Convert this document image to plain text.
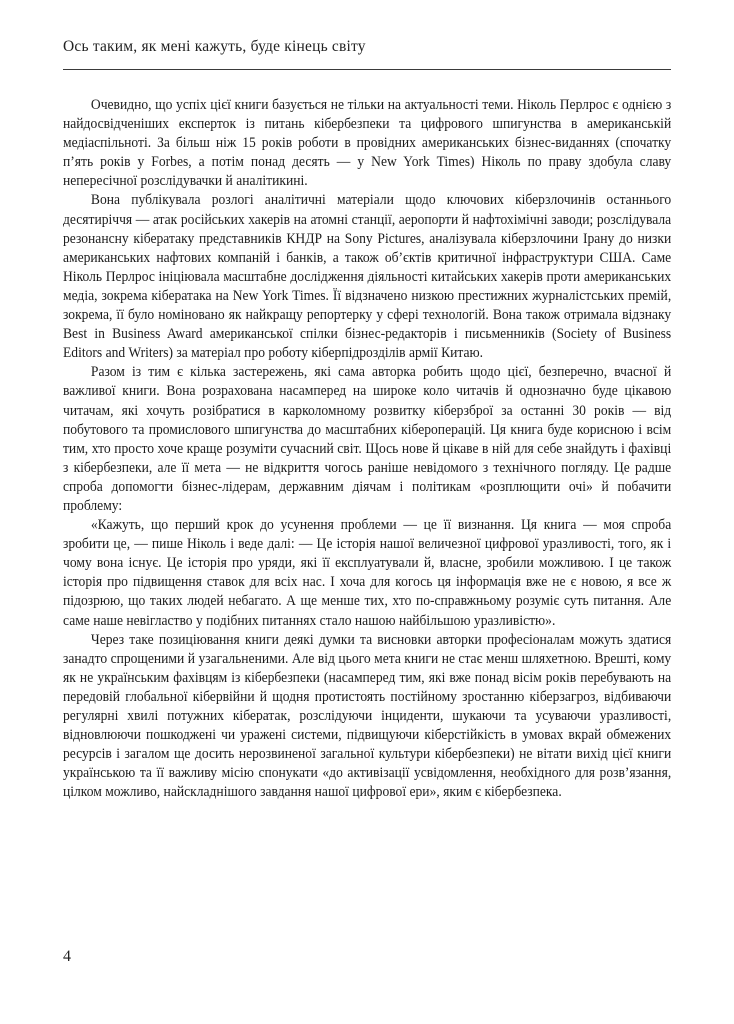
Ось таким, як мені кажуть, буде кінець світу

Очевидно, що успіх цієї книги базується не тільки на актуальності теми. Ніколь Перлрос є однією з найдосвідченіших експерток із питань кібербезпеки та цифрового шпигунства в американській медіаспільноті. За більш ніж 15 років роботи в провідних американських бізнес-виданнях (спочатку п’ять років у Forbes, а потім понад десять — у New York Times) Ніколь по праву здобула славу непересічної розслідувачки й аналітикині.

Вона публікувала розлогі аналітичні матеріали щодо ключових кіберзлочинів останнього десятиріччя — атак російських хакерів на атомні станції, аеропорти й нафтохімічні заводи; розслідувала резонансну кібератаку представників КНДР на Sony Pictures, аналізувала кіберзлочини Ірану до низки американських нафтових компаній і банків, а також об’єктів критичної інфраструктури США. Саме Ніколь Перлрос ініціювала масштабне дослідження діяльності китайських хакерів проти американських медіа, зокрема кібератака на New York Times. Її відзначено низкою престижних журналістських премій, зокрема, її було номіновано як найкращу репортерку у сфері технологій. Вона також отримала відзнаку Best in Business Award американської спілки бізнес-редакторів і письменників (Society of Business Editors and Writers) за матеріал про роботу кіберпідрозділів армії Китаю.

Разом із тим є кілька застережень, які сама авторка робить щодо цієї, безперечно, вчасної й важливої книги. Вона розрахована насамперед на широке коло читачів й однозначно буде цікавою читачам, які хочуть розібратися в карколомному розвитку кіберзброї за останні 30 років — від побутового та промислового шпигунства до масштабних кібероперацій. Ця книга буде корисною і всім тим, хто просто хоче краще розуміти сучасний світ. Щось нове й цікаве в ній для себе знайдуть і фахівці з кібербезпеки, але її мета — не відкриття чогось раніше невідомого з технічного погляду. Це радше спроба допомогти бізнес-лідерам, державним діячам і політикам «розплющити очі» й побачити проблему:

«Кажуть, що перший крок до усунення проблеми — це її визнання. Ця книга — моя спроба зробити це, — пише Ніколь і веде далі: — Це історія нашої величезної цифрової уразливості, того, як і чому вона існує. Це історія про уряди, які її експлуатували й, власне, зробили можливою. І це також історія про підвищення ставок для всіх нас. І хоча для когось ця інформація вже не є новою, я все ж підозрюю, що таких людей небагато. А ще менше тих, хто по-справжньому розуміє суть питання. Але саме наше невігластво у подібних питаннях стало нашою найбільшою уразливістю».

Через таке позиціювання книги деякі думки та висновки авторки професіоналам можуть здатися занадто спрощеними й узагальненими. Але від цього мета книги не стає менш шляхетною. Врешті, кому як не українським фахівцям із кібербезпеки (насамперед тим, які вже понад вісім років перебувають на передовій глобальної кібервійни й щодня протистоять постійному зростанню кіберзагроз, відбиваючи регулярні хвилі потужних кібератак, розслідуючи інциденти, шукаючи та усуваючи уразливості, відновлюючи пошкоджені чи уражені системи, підвищуючи кіберстійкість в умовах вкрай обмежених ресурсів і загалом ще досить нерозвиненої загальної культури кібербезпеки) не вітати вихід цієї книги українською та її важливу місію спонукати «до активізації усвідомлення, необхідного для розв’язання, цілком можливо, найскладнішого завдання нашої цифрової ери», яким є кібербезпека.

4
